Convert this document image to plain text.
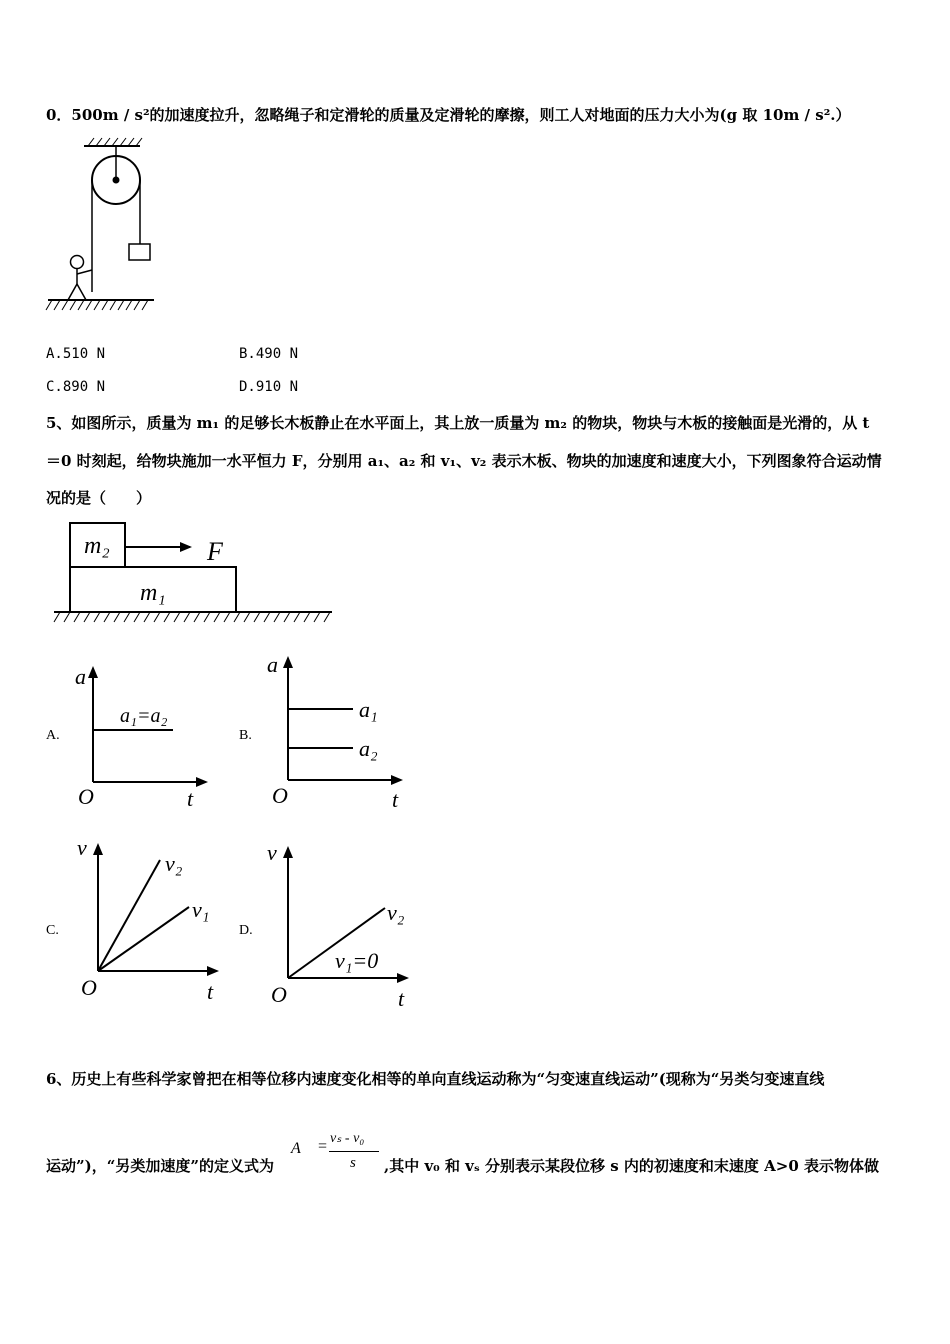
0．500m / s²的加速度拉升，忽略绳子和定滑轮的质量及定滑轮的摩擦，则工人对地面的压力大小为(g 取 10m / s².）
A.510 N	B.490 N
C.890 N	D.910 N
5、如图所示，质量为 m₁ 的足够长木板静止在水平面上，其上放一质量为 m₂ 的物块，物块与木板的接触面是光滑的，从 t
＝0 时刻起，给物块施加一水平恒力 F，分别用 a₁、a₂ 和 v₁、v₂ 表示木板、物块的加速度和速度大小，下列图象符合运动情
况的是（　　）
m₂
m₁
F
A.	B.
C.	D.
a
O	t
a₁=a₂
a
O	t
a₁
a₂
v
O	t
v₂
v₁
v
O	t
v₂
v₁=0
6、历史上有些科学家曾把在相等位移内速度变化相等的单向直线运动称为“匀变速直线运动”(现称为“另类匀变速直线
运动”)，“另类加速度”的定义式为
A = vₛ - v₀
s ,其中 v₀ 和 vₛ 分别表示某段位移 s 内的初速度和末速度 A>0 表示物体做
